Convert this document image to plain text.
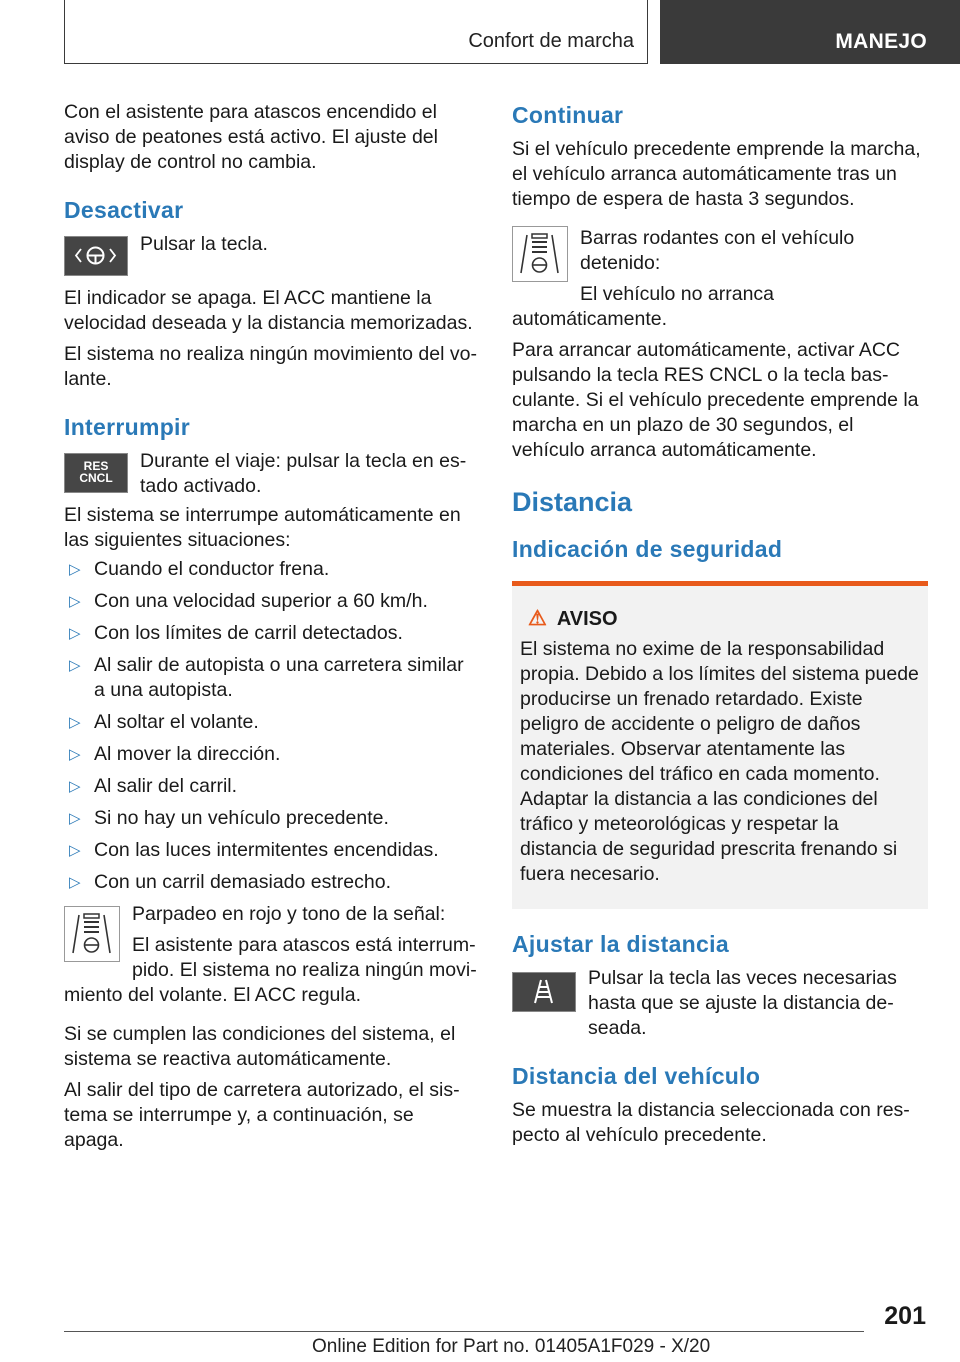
Confort de marcha	MANEJO

Con el asistente para atascos encendido el aviso de peatones está activo. El ajuste del display de control no cambia.

Desactivar

Pulsar la tecla.

El indicador se apaga. El ACC mantiene la velocidad deseada y la distancia memorizadas.

El sistema no realiza ningún movimiento del volante.

Interrumpir
RES CNCL

Durante el viaje: pulsar la tecla en estado activado.

El sistema se interrumpe automáticamente en las siguientes situaciones:

▷ Cuando el conductor frena.
▷ Con una velocidad superior a 60 km/h.
▷ Con los límites de carril detectados.
▷ Al salir de autopista o una carretera similar a una autopista.
▷ Al soltar el volante.
▷ Al mover la dirección.
▷ Al salir del carril.
▷ Si no hay un vehículo precedente.
▷ Con las luces intermitentes encendidas.
▷ Con un carril demasiado estrecho.

Parpadeo en rojo y tono de la señal:

El asistente para atascos está interrumpido. El sistema no realiza ningún movimiento del volante. El ACC regula.

Si se cumplen las condiciones del sistema, el sistema se reactiva automáticamente.

Al salir del tipo de carretera autorizado, el sistema se interrumpe y, a continuación, se apaga.

Continuar

Si el vehículo precedente emprende la marcha, el vehículo arranca automáticamente tras un tiempo de espera de hasta 3 segundos.

Barras rodantes con el vehículo detenido:

El vehículo no arranca automáticamente.

Para arrancar automáticamente, activar ACC pulsando la tecla RES CNCL o la tecla basculante. Si el vehículo precedente emprende la marcha en un plazo de 30 segundos, el vehículo arranca automáticamente.

Distancia
Indicación de seguridad
⚠ AVISO

El sistema no exime de la responsabilidad propia. Debido a los límites del sistema puede producirse un frenado retardado. Existe peligro de accidente o peligro de daños materiales. Observar atentamente las condiciones del tráfico en cada momento. Adaptar la distancia a las condiciones del tráfico y meteorológicas y respetar la distancia de seguridad prescrita frenando si fuera necesario.

Ajustar la distancia

Pulsar la tecla las veces necesarias hasta que se ajuste la distancia deseada.

Distancia del vehículo

Se muestra la distancia seleccionada con respecto al vehículo precedente.

201
Online Edition for Part no. 01405A1F029 - X/20
